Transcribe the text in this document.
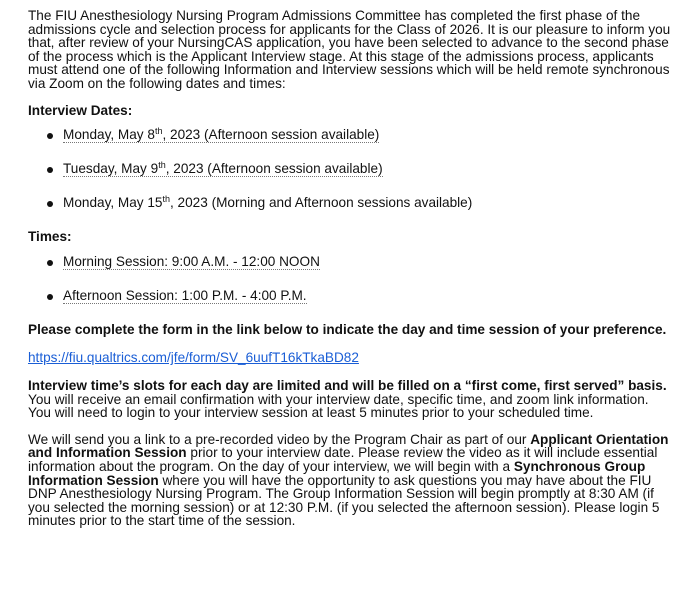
The FIU Anesthesiology Nursing Program Admissions Committee has completed the first phase of the admissions cycle and selection process for applicants for the Class of 2026. It is our pleasure to inform you that, after review of your NursingCAS application, you have been selected to advance to the second phase of the process which is the Applicant Interview stage. At this stage of the admissions process, applicants must attend one of the following Information and Interview sessions which will be held remote synchronous via Zoom on the following dates and times:

Interview Dates:

Monday, May 8th, 2023 (Afternoon session available)
Tuesday, May 9th, 2023 (Afternoon session available)
Monday, May 15th, 2023 (Morning and Afternoon sessions available)

Times:

Morning Session: 9:00 A.M. - 12:00 NOON
Afternoon Session: 1:00 P.M. - 4:00 P.M.

Please complete the form in the link below to indicate the day and time session of your preference.

https://fiu.qualtrics.com/jfe/form/SV_6uufT16kTkaBD82

Interview time’s slots for each day are limited and will be filled on a “first come, first served” basis. You will receive an email confirmation with your interview date, specific time, and zoom link information. You will need to login to your interview session at least 5 minutes prior to your scheduled time.

We will send you a link to a pre-recorded video by the Program Chair as part of our Applicant Orientation and Information Session prior to your interview date. Please review the video as it will include essential information about the program. On the day of your interview, we will begin with a Synchronous Group Information Session where you will have the opportunity to ask questions you may have about the FIU DNP Anesthesiology Nursing Program. The Group Information Session will begin promptly at 8:30 AM (if you selected the morning session) or at 12:30 P.M. (if you selected the afternoon session). Please login 5 minutes prior to the start time of the session.
